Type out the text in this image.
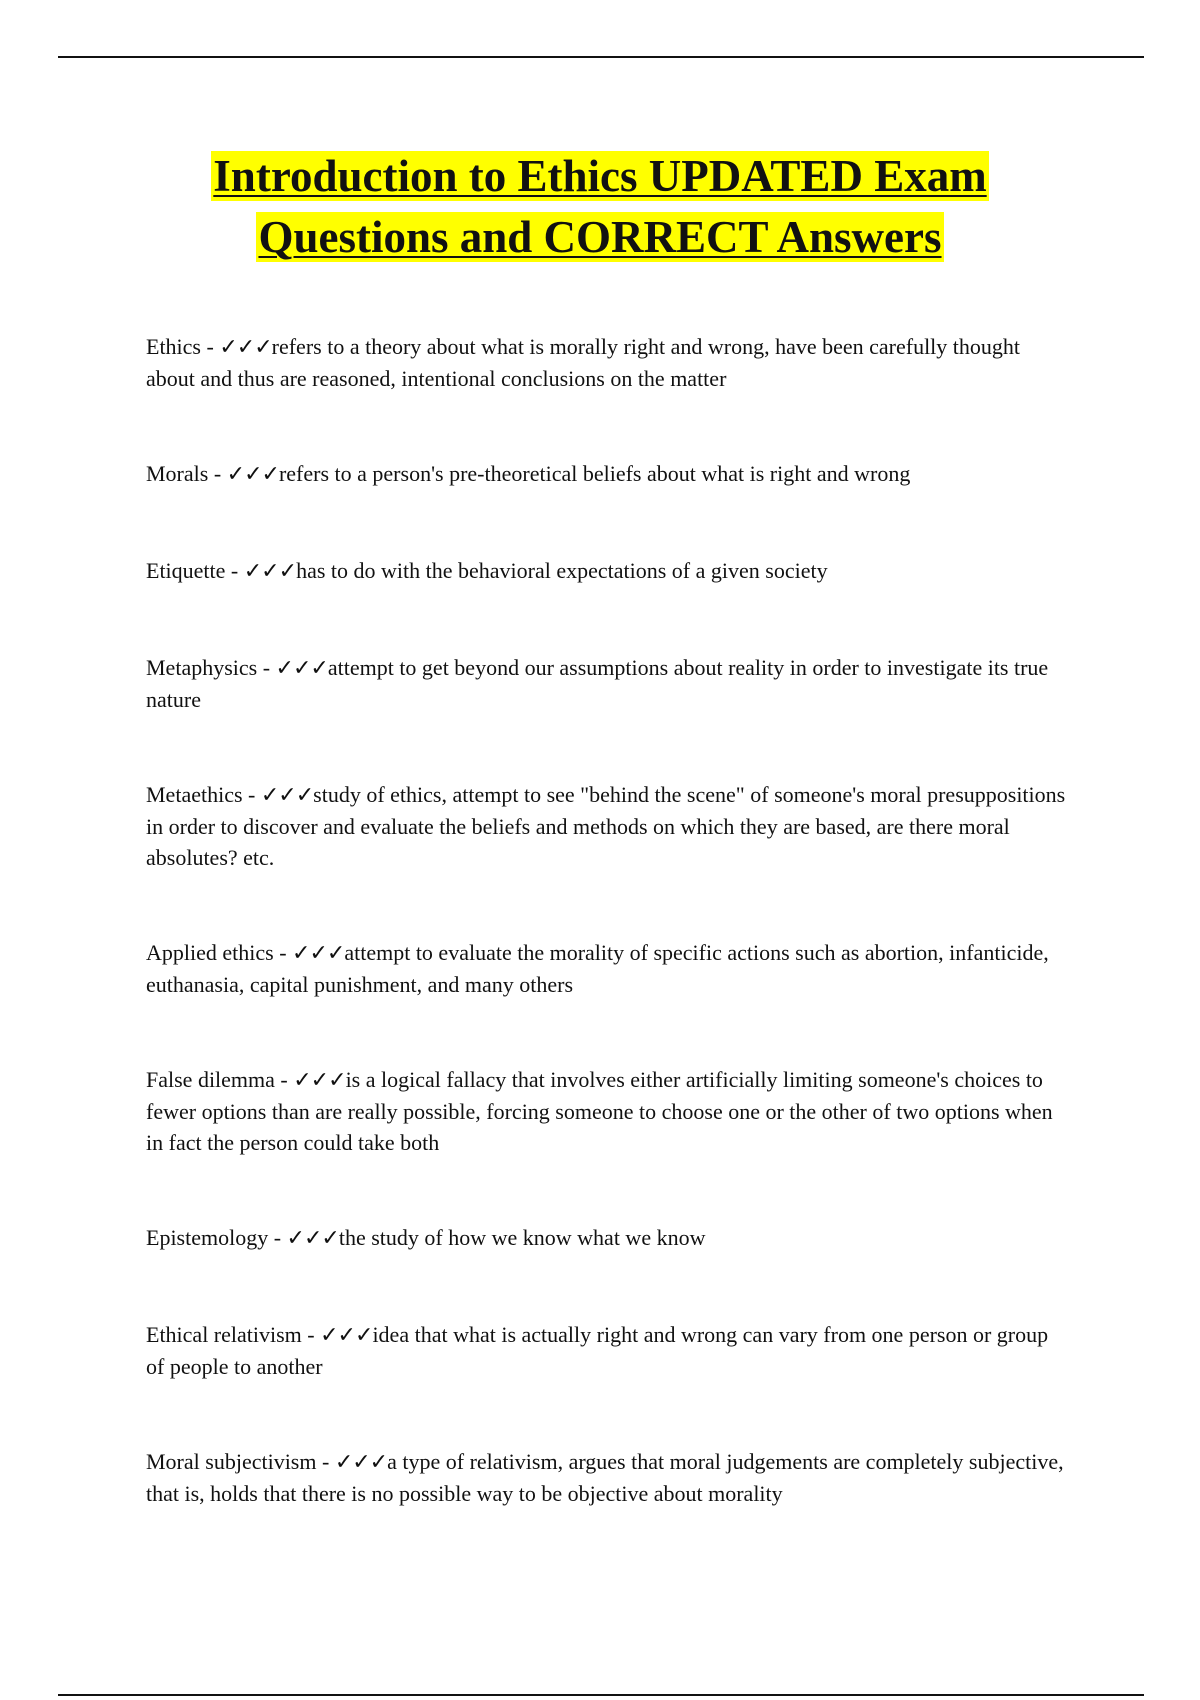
Introduction to Ethics UPDATED Exam Questions and CORRECT Answers

Ethics - ✓✓✓refers to a theory about what is morally right and wrong, have been carefully thought about and thus are reasoned, intentional conclusions on the matter

Morals - ✓✓✓refers to a person's pre-theoretical beliefs about what is right and wrong

Etiquette - ✓✓✓has to do with the behavioral expectations of a given society

Metaphysics - ✓✓✓attempt to get beyond our assumptions about reality in order to investigate its true nature

Metaethics - ✓✓✓study of ethics, attempt to see "behind the scene" of someone's moral presuppositions in order to discover and evaluate the beliefs and methods on which they are based, are there moral absolutes? etc.

Applied ethics - ✓✓✓attempt to evaluate the morality of specific actions such as abortion, infanticide, euthanasia, capital punishment, and many others

False dilemma - ✓✓✓is a logical fallacy that involves either artificially limiting someone's choices to fewer options than are really possible, forcing someone to choose one or the other of two options when in fact the person could take both

Epistemology - ✓✓✓the study of how we know what we know

Ethical relativism - ✓✓✓idea that what is actually right and wrong can vary from one person or group of people to another

Moral subjectivism - ✓✓✓a type of relativism, argues that moral judgements are completely subjective, that is, holds that there is no possible way to be objective about morality
